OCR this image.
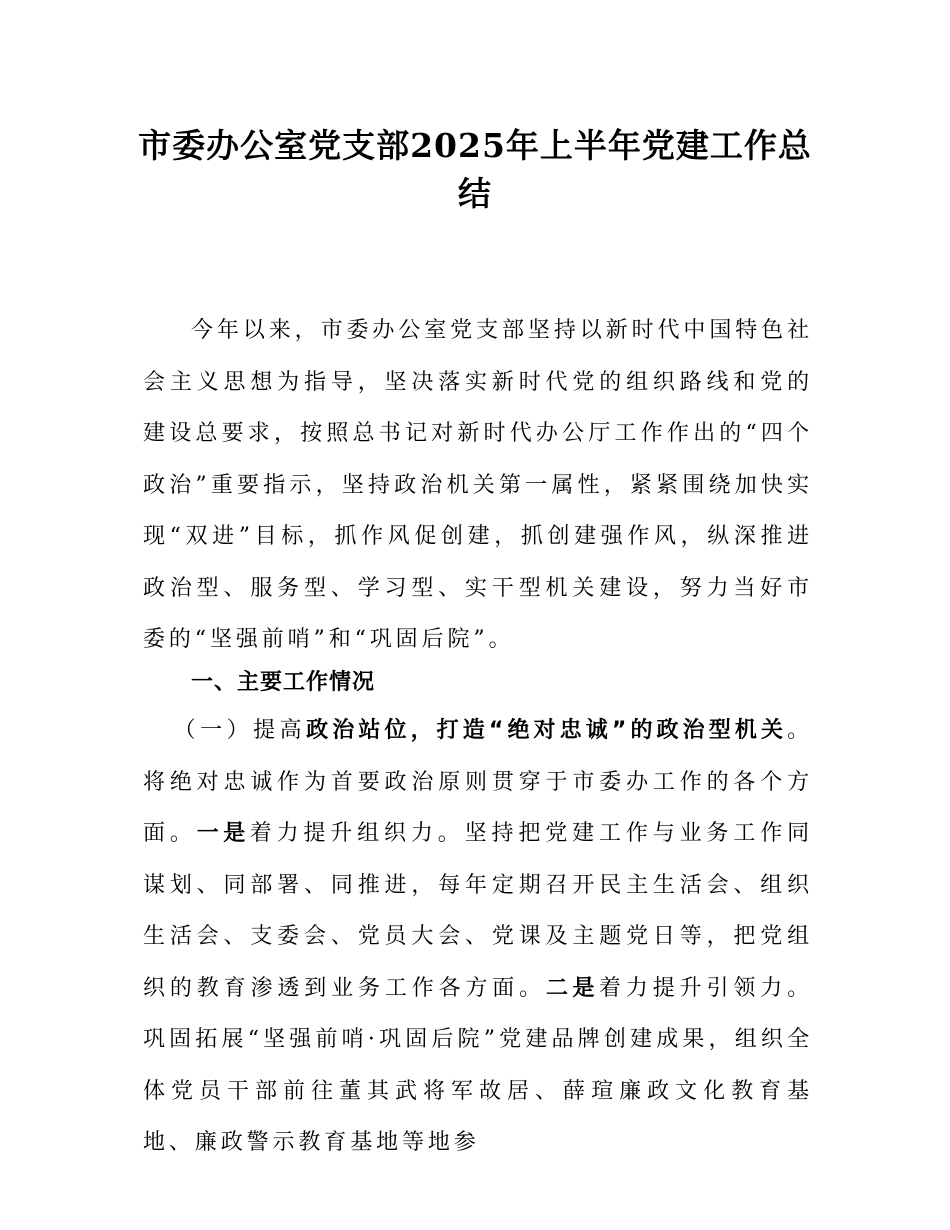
市委办公室党支部2025年上半年党建工作总
结
今年以来，市委办公室党支部坚持以新时代中国特色社会主义思想为指导，坚决落实新时代党的组织路线和党的建设总要求，按照总书记对新时代办公厅工作作出的“四个政治”重要指示，坚持政治机关第一属性，紧紧围绕加快实现“双进”目标，抓作风促创建，抓创建强作风，纵深推进政治型、服务型、学习型、实干型机关建设，努力当好市委的“坚强前哨”和“巩固后院”。
一、主要工作情况
（一）提高政治站位，打造“绝对忠诚”的政治型机关。将绝对忠诚作为首要政治原则贯穿于市委办工作的各个方面。一是着力提升组织力。坚持把党建工作与业务工作同谋划、同部署、同推进，每年定期召开民主生活会、组织生活会、支委会、党员大会、党课及主题党日等，把党组织的教育渗透到业务工作各方面。二是着力提升引领力。巩固拓展“坚强前哨·巩固后院”党建品牌创建成果，组织全体党员干部前往董其武将军故居、薛瑄廉政文化教育基地、廉政警示教育基地等地参
